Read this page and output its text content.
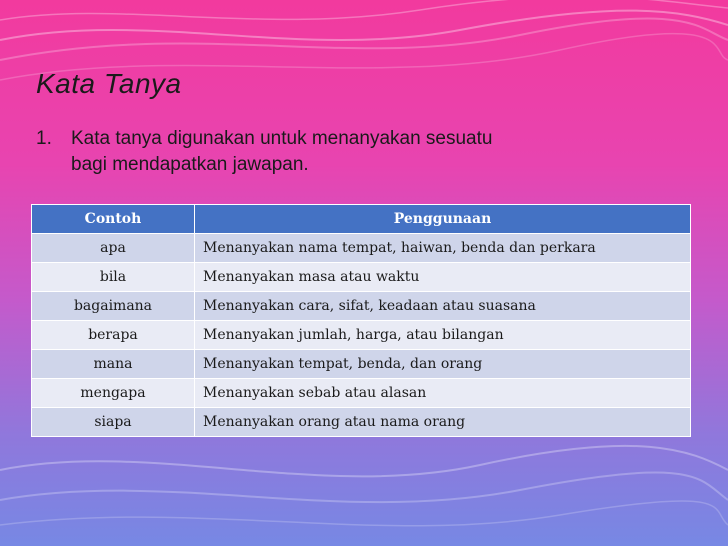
Kata Tanya
1. Kata tanya digunakan untuk menanyakan sesuatu
bagi mendapatkan jawapan.
Contoh	Penggunaan
apa	Menanyakan nama tempat, haiwan, benda dan perkara
bila	Menanyakan masa atau waktu
bagaimana	Menanyakan cara, sifat, keadaan atau suasana
berapa	Menanyakan jumlah, harga, atau bilangan
mana	Menanyakan tempat, benda, dan orang
mengapa	Menanyakan sebab atau alasan
siapa	Menanyakan orang atau nama orang
